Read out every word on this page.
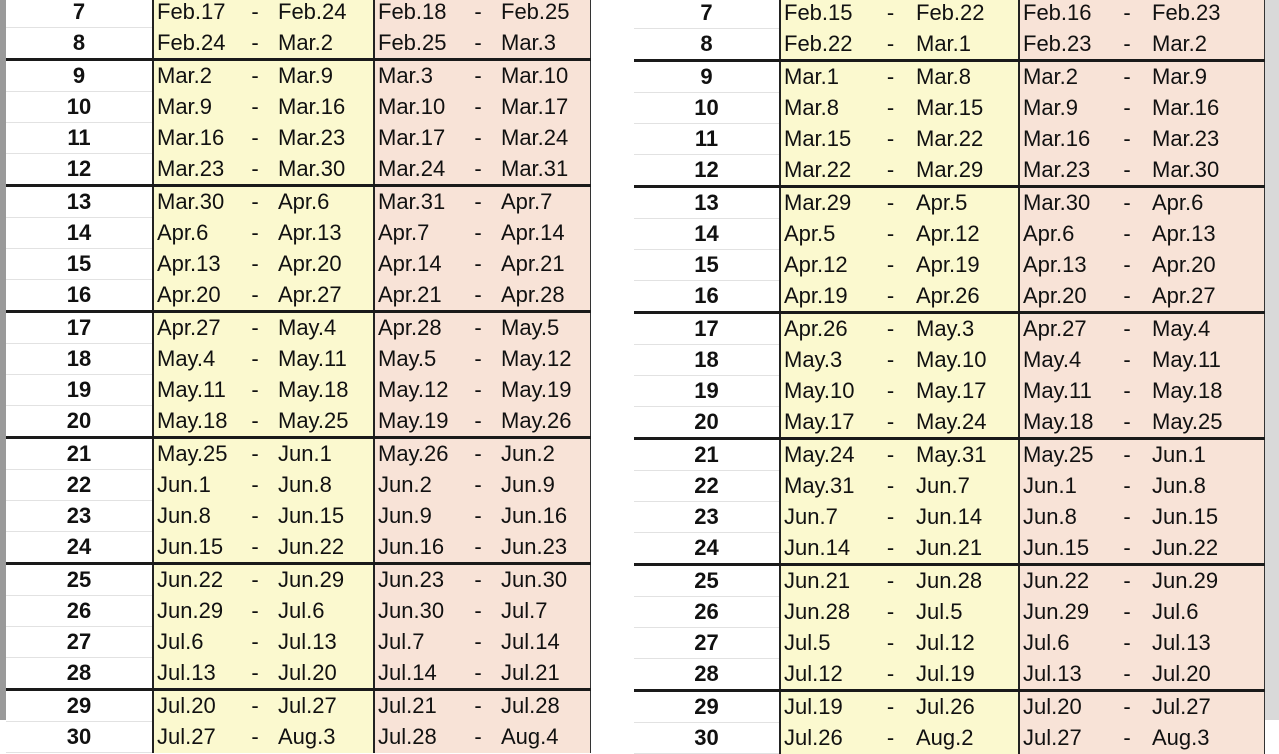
7	Feb.17	-	Feb.24	Feb.18	-	Feb.25
8	Feb.24	-	Mar.2	Feb.25	-	Mar.3
9	Mar.2	-	Mar.9	Mar.3	-	Mar.10
10	Mar.9	-	Mar.16	Mar.10	-	Mar.17
11	Mar.16	-	Mar.23	Mar.17	-	Mar.24
12	Mar.23	-	Mar.30	Mar.24	-	Mar.31
13	Mar.30	-	Apr.6	Mar.31	-	Apr.7
14	Apr.6	-	Apr.13	Apr.7	-	Apr.14
15	Apr.13	-	Apr.20	Apr.14	-	Apr.21
16	Apr.20	-	Apr.27	Apr.21	-	Apr.28
17	Apr.27	-	May.4	Apr.28	-	May.5
18	May.4	-	May.11	May.5	-	May.12
19	May.11	-	May.18	May.12	-	May.19
20	May.18	-	May.25	May.19	-	May.26
21	May.25	-	Jun.1	May.26	-	Jun.2
22	Jun.1	-	Jun.8	Jun.2	-	Jun.9
23	Jun.8	-	Jun.15	Jun.9	-	Jun.16
24	Jun.15	-	Jun.22	Jun.16	-	Jun.23
25	Jun.22	-	Jun.29	Jun.23	-	Jun.30
26	Jun.29	-	Jul.6	Jun.30	-	Jul.7
27	Jul.6	-	Jul.13	Jul.7	-	Jul.14
28	Jul.13	-	Jul.20	Jul.14	-	Jul.21
29	Jul.20	-	Jul.27	Jul.21	-	Jul.28
30	Jul.27	-	Aug.3	Jul.28	-	Aug.4
7	Feb.15	-	Feb.22	Feb.16	-	Feb.23
8	Feb.22	-	Mar.1	Feb.23	-	Mar.2
9	Mar.1	-	Mar.8	Mar.2	-	Mar.9
10	Mar.8	-	Mar.15	Mar.9	-	Mar.16
11	Mar.15	-	Mar.22	Mar.16	-	Mar.23
12	Mar.22	-	Mar.29	Mar.23	-	Mar.30
13	Mar.29	-	Apr.5	Mar.30	-	Apr.6
14	Apr.5	-	Apr.12	Apr.6	-	Apr.13
15	Apr.12	-	Apr.19	Apr.13	-	Apr.20
16	Apr.19	-	Apr.26	Apr.20	-	Apr.27
17	Apr.26	-	May.3	Apr.27	-	May.4
18	May.3	-	May.10	May.4	-	May.11
19	May.10	-	May.17	May.11	-	May.18
20	May.17	-	May.24	May.18	-	May.25
21	May.24	-	May.31	May.25	-	Jun.1
22	May.31	-	Jun.7	Jun.1	-	Jun.8
23	Jun.7	-	Jun.14	Jun.8	-	Jun.15
24	Jun.14	-	Jun.21	Jun.15	-	Jun.22
25	Jun.21	-	Jun.28	Jun.22	-	Jun.29
26	Jun.28	-	Jul.5	Jun.29	-	Jul.6
27	Jul.5	-	Jul.12	Jul.6	-	Jul.13
28	Jul.12	-	Jul.19	Jul.13	-	Jul.20
29	Jul.19	-	Jul.26	Jul.20	-	Jul.27
30	Jul.26	-	Aug.2	Jul.27	-	Aug.3
